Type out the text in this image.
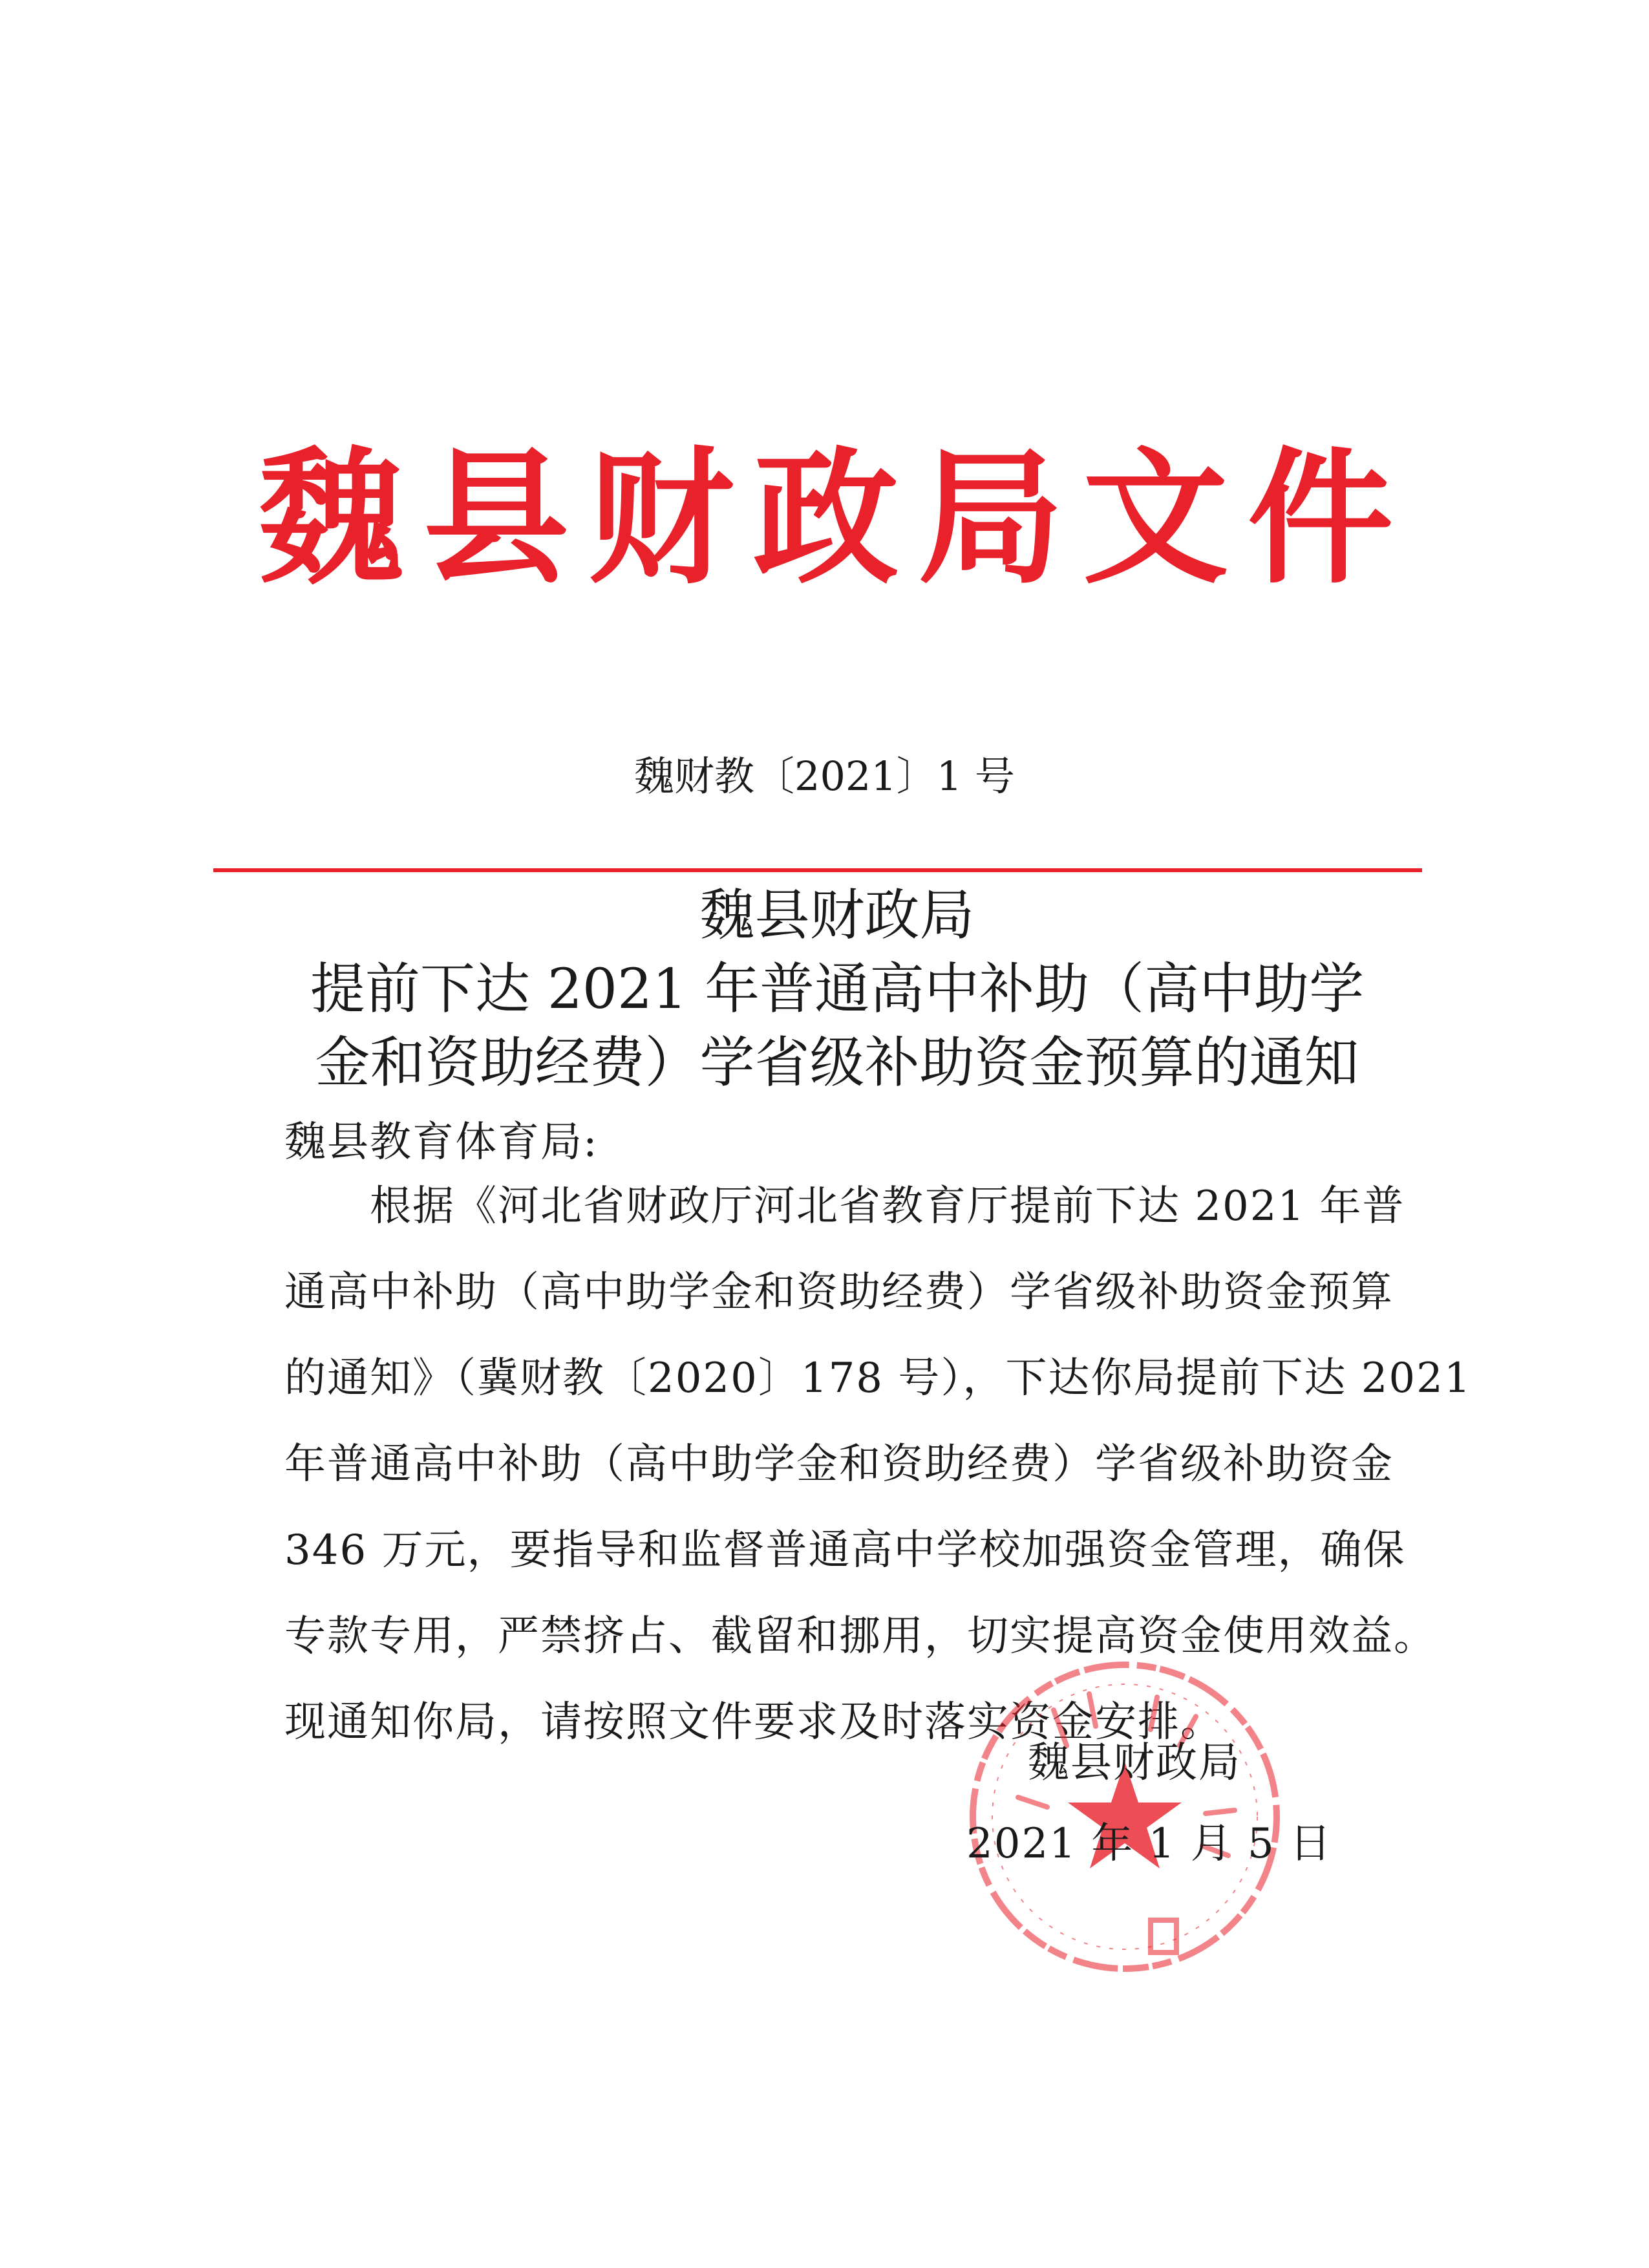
魏县财政局文件
魏财教〔2021〕1 号
魏县财政局
提前下达 2021 年普通高中补助（高中助学
金和资助经费）学省级补助资金预算的通知
魏县教育体育局:
根据《河北省财政厅河北省教育厅提前下达 2021 年普
通高中补助（高中助学金和资助经费）学省级补助资金预算
的通知》（冀财教〔2020〕178 号），下达你局提前下达 2021
年普通高中补助（高中助学金和资助经费）学省级补助资金
346 万元，要指导和监督普通高中学校加强资金管理，确保
专款专用，严禁挤占、截留和挪用，切实提高资金使用效益。
现通知你局，请按照文件要求及时落实资金安排。
魏县财政局
2021 年 1 月 5 日
